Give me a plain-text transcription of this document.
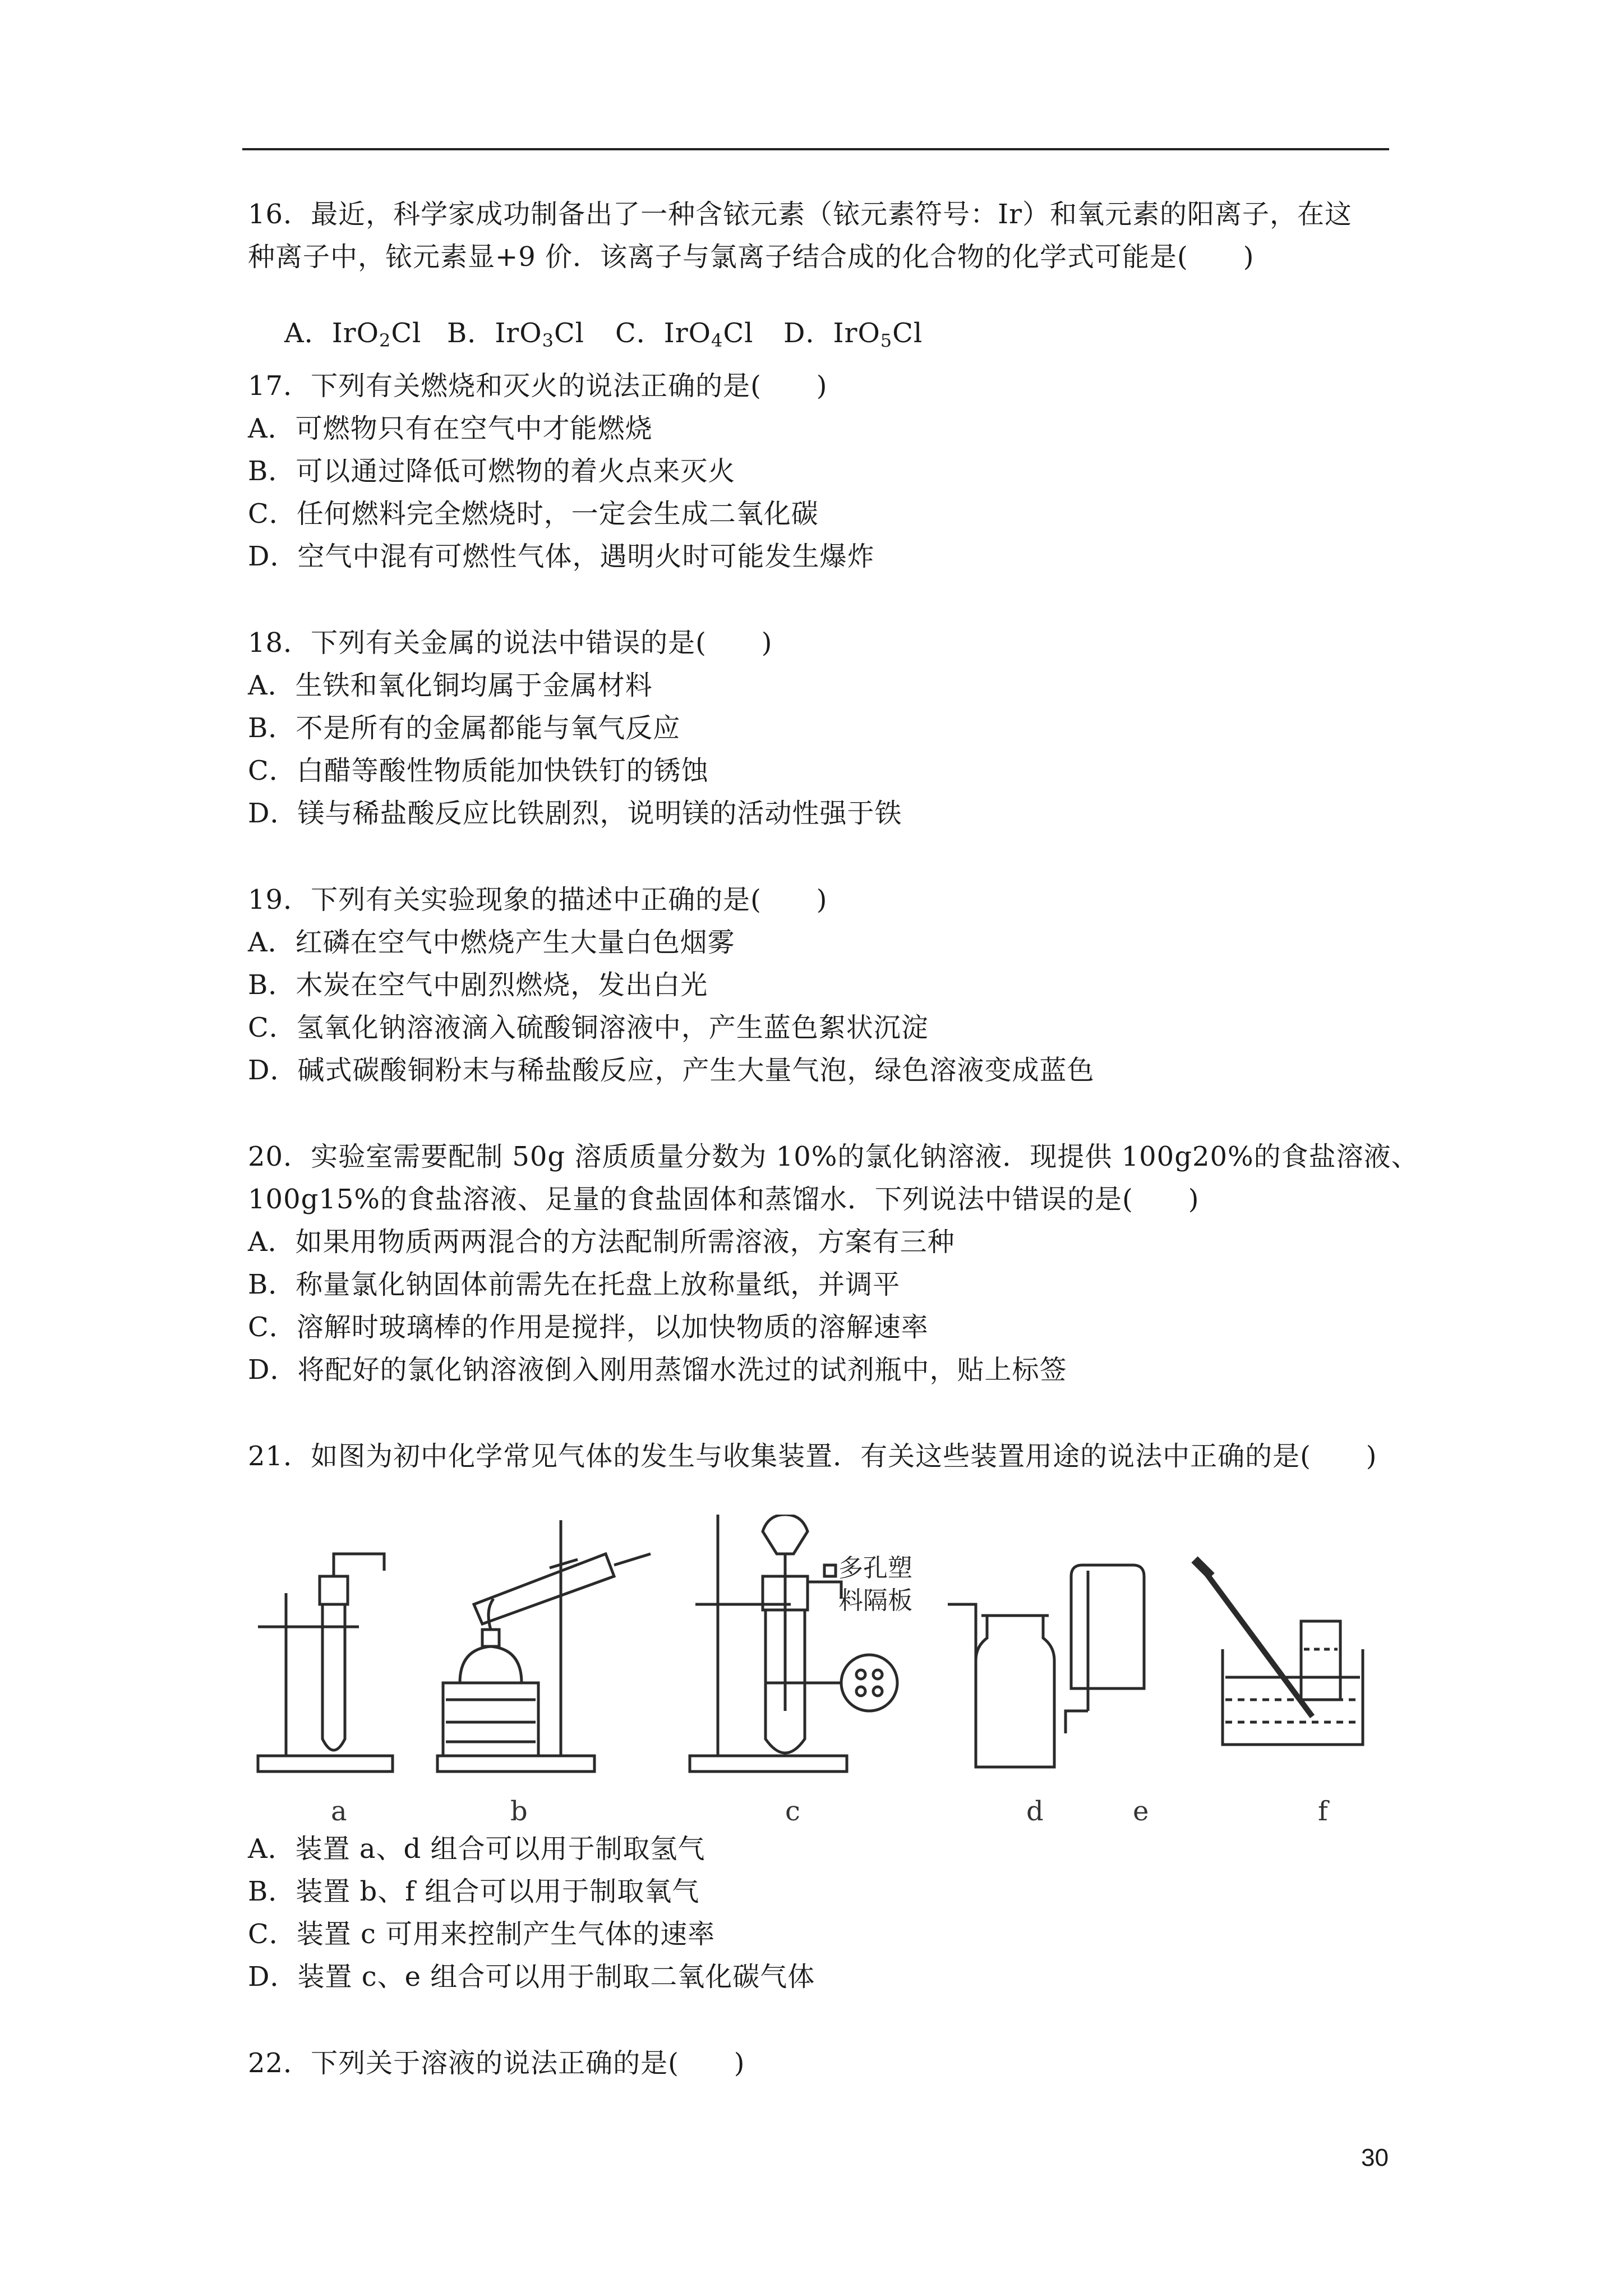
16．最近，科学家成功制备出了一种含铱元素（铱元素符号：Ir）和氧元素的阳离子，在这
种离子中，铱元素显+9 价．该离子与氯离子结合成的化合物的化学式可能是(　　)

A．IrO$_2$Cl B．IrO$_3$Cl C．IrO$_4$Cl D．IrO$_5$Cl

17．下列有关燃烧和灭火的说法正确的是(　　)
A．可燃物只有在空气中才能燃烧
B．可以通过降低可燃物的着火点来灭火
C．任何燃料完全燃烧时，一定会生成二氧化碳
D．空气中混有可燃性气体，遇明火时可能发生爆炸
18．下列有关金属的说法中错误的是(　　)
A．生铁和氧化铜均属于金属材料
B．不是所有的金属都能与氧气反应
C．白醋等酸性物质能加快铁钉的锈蚀
D．镁与稀盐酸反应比铁剧烈，说明镁的活动性强于铁
19．下列有关实验现象的描述中正确的是(　　)
A．红磷在空气中燃烧产生大量白色烟雾
B．木炭在空气中剧烈燃烧，发出白光
C．氢氧化钠溶液滴入硫酸铜溶液中，产生蓝色絮状沉淀
D．碱式碳酸铜粉末与稀盐酸反应，产生大量气泡，绿色溶液变成蓝色
20．实验室需要配制 50g 溶质质量分数为 10%的氯化钠溶液．现提供 100g20%的食盐溶液、
100g15%的食盐溶液、足量的食盐固体和蒸馏水．下列说法中错误的是(　　)
A．如果用物质两两混合的方法配制所需溶液，方案有三种
B．称量氯化钠固体前需先在托盘上放称量纸，并调平
C．溶解时玻璃棒的作用是搅拌，以加快物质的溶解速率
D．将配好的氯化钠溶液倒入刚用蒸馏水洗过的试剂瓶中，贴上标签
21．如图为初中化学常见气体的发生与收集装置．有关这些装置用途的说法中正确的是(　　)
多孔塑
料隔板
a	b	c	d	e	f
A．装置 a、d 组合可以用于制取氢气
B．装置 b、f 组合可以用于制取氧气
C．装置 c 可用来控制产生气体的速率
D．装置 c、e 组合可以用于制取二氧化碳气体
22．下列关于溶液的说法正确的是(　　)
30
